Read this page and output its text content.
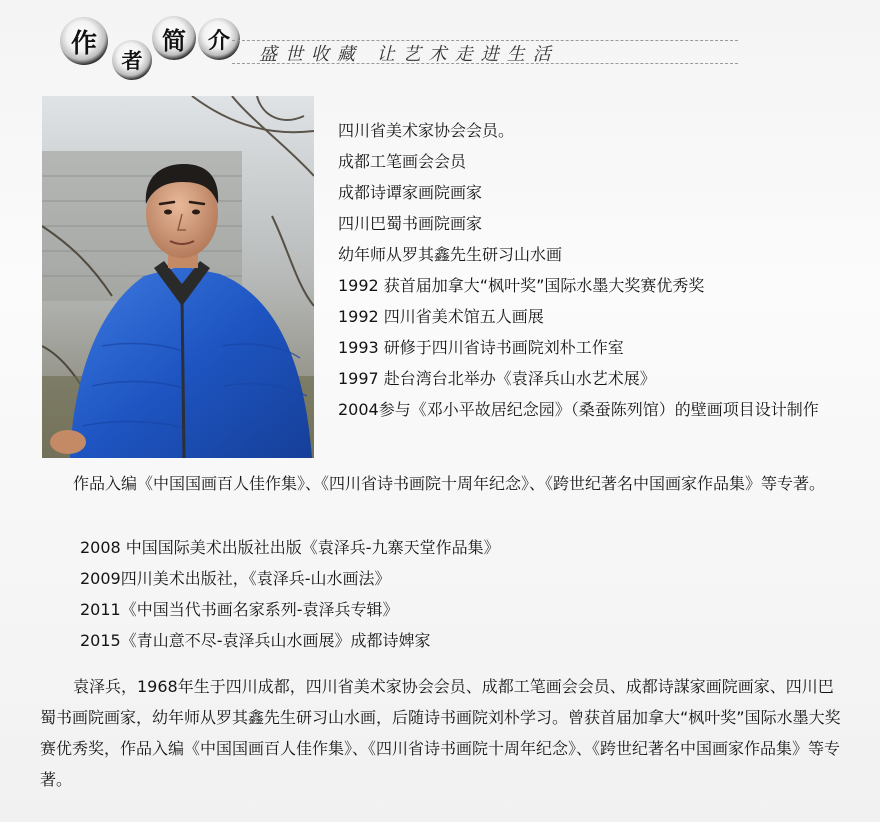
作
者
简 介
盛世收藏 让艺术走进生活
四川省美术家协会会员。
成都工笔画会会员
成都诗谭家画院画家
四川巴蜀书画院画家
幼年师从罗其鑫先生研习山水画
1992 获首届加拿大“枫叶奖”国际水墨大奖赛优秀奖
1992 四川省美术馆五人画展
1993 研修于四川省诗书画院刘朴工作室
1997 赴台湾台北举办《袁泽兵山水艺术展》
2004参与《邓小平故居纪念园》（桑蚕陈列馆）的壁画项目设计制作

作品入编《中国国画百人佳作集》、《四川省诗书画院十周年纪念》、《跨世纪著名中国画家作品集》等专著。

2008 中国国际美术出版社出版《袁泽兵-九寨天堂作品集》
2009四川美术出版社，《袁泽兵-山水画法》
2011《中国当代书画名家系列-袁泽兵专辑》
2015《青山意不尽-袁泽兵山水画展》成都诗婢家

袁泽兵，1968年生于四川成都，四川省美术家协会会员、成都工笔画会会员、成都诗謀家画院画家、四川巴蜀书画院画家，幼年师从罗其鑫先生研习山水画，后随诗书画院刘朴学习。曾获首届加拿大“枫叶奖”国际水墨大奖赛优秀奖，作品入编《中国国画百人佳作集》、《四川省诗书画院十周年纪念》、《跨世纪著名中国画家作品集》等专著。
